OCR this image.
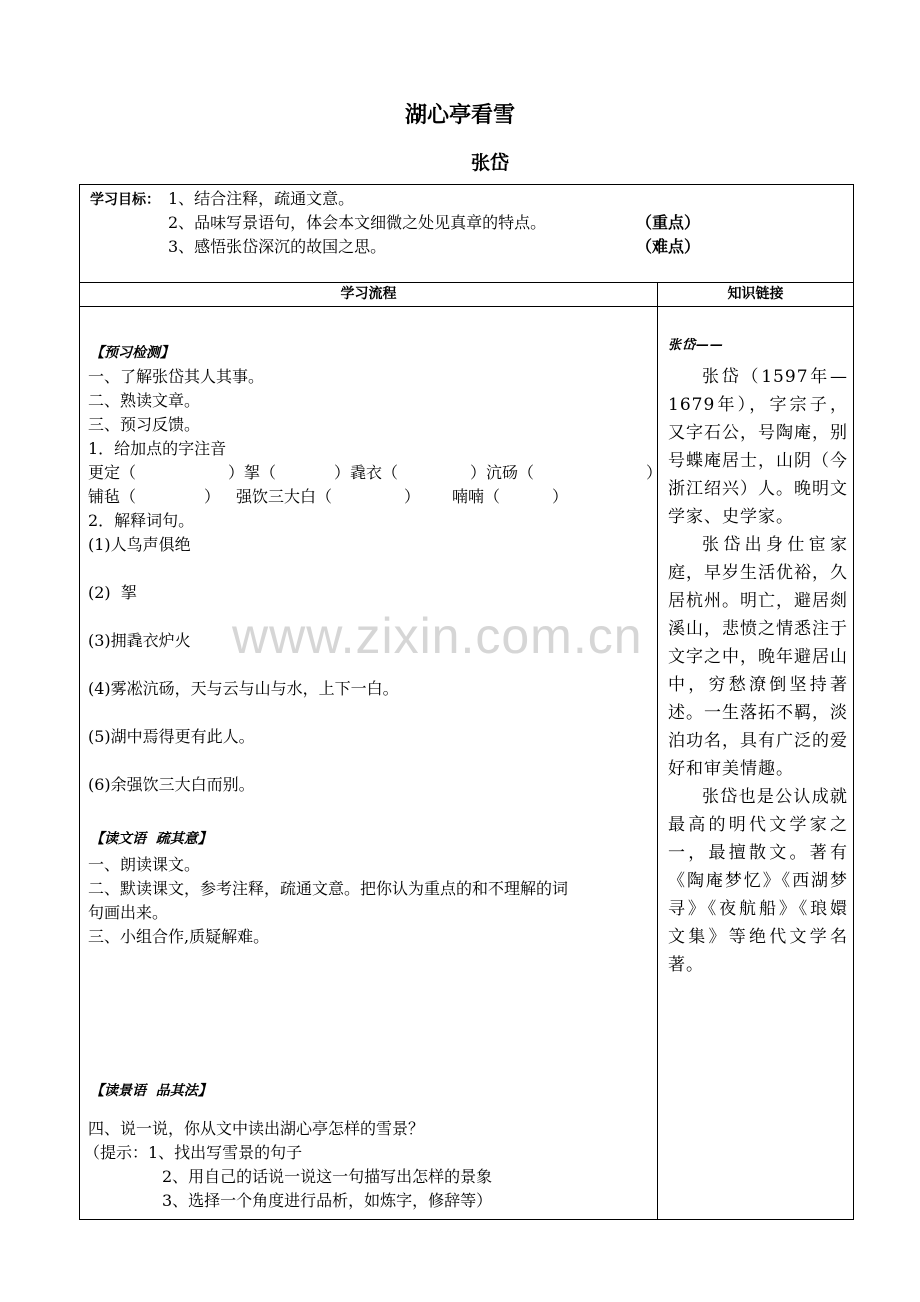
湖心亭看雪
张岱
学习目标： 1、结合注释，疏通文意。
2、品味写景语句，体会本文细微之处见真章的特点。	（重点）
3、感悟张岱深沉的故国之思。	（难点）
学习流程	知识链接
【预习检测】
一、了解张岱其人其事。
二、熟读文章。
三、预习反馈。
1．给加点的字注音
更定（	）挐（	）毳衣（	）沆砀（	）
铺毡（	） 强饮三大白（	） 喃喃（	）
2．解释词句。
(1)人鸟声俱绝
(2)  挐
(3)拥毳衣炉火
(4)雾凇沆砀，天与云与山与水，上下一白。
(5)湖中焉得更有此人。
(6)余强饮三大白而别。
【读文语  疏其意】
一、朗读课文。
二、默读课文，参考注释，疏通文意。把你认为重点的和不理解的词
句画出来。
三、小组合作,质疑解难。
【读景语  品其法】
四、说一说，你从文中读出湖心亭怎样的雪景？
（提示：1、找出写雪景的句子
2、用自己的话说一说这一句描写出怎样的景象
3、选择一个角度进行品析，如炼字，修辞等）

张岱——

张岱（1597年—1679年），字宗子，又字石公，号陶庵，别号蝶庵居士，山阴（今浙江绍兴）人。晚明文学家、史学家。

张岱出身仕宦家庭，早岁生活优裕，久居杭州。明亡，避居剡溪山，悲愤之情悉注于文字之中，晚年避居山中，穷愁潦倒坚持著述。一生落拓不羁，淡泊功名，具有广泛的爱好和审美情趣。

张岱也是公认成就最高的明代文学家之一，最擅散文。著有《陶庵梦忆》《西湖梦寻》《夜航船》《琅嬛文集》等绝代文学名著。

www.zixin.com.cn
